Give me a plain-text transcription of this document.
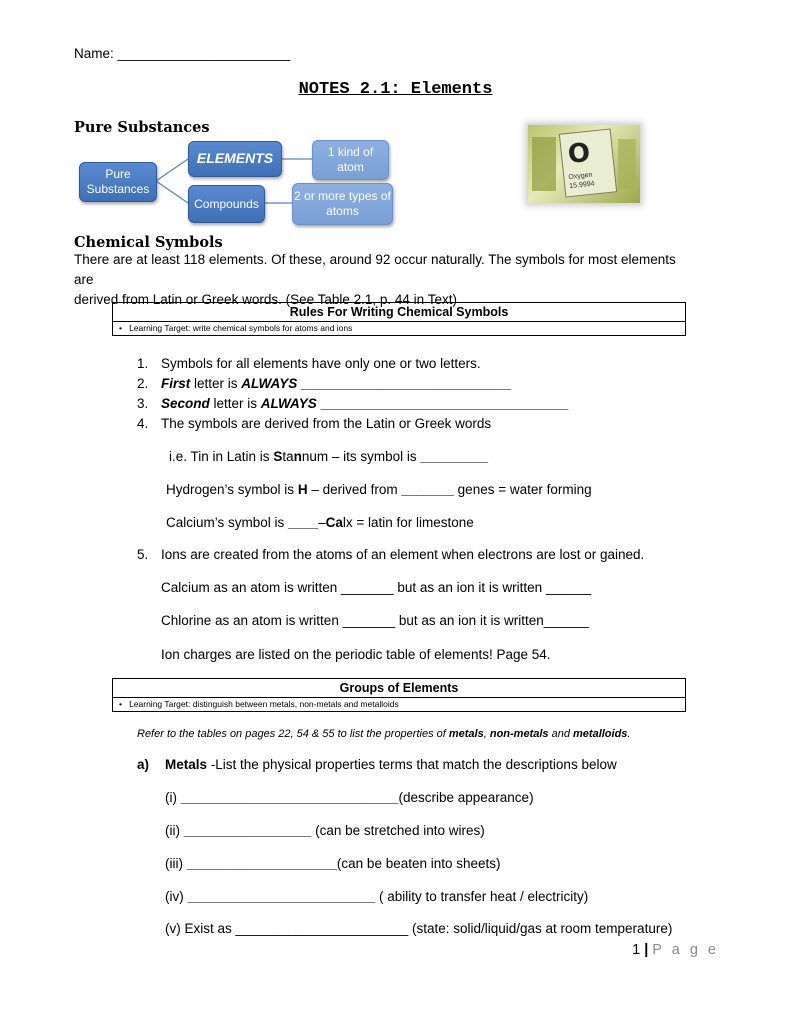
Name: _______________________
NOTES 2.1: Elements
Pure Substances
Pure Substances
ELEMENTS
Compounds
1 kind of atom
2 or more types of atoms
O
Oxygen
15.9994
Chemical Symbols
There are at least 118 elements. Of these, around 92 occur naturally. The symbols for most elements are
derived from Latin or Greek words. (See Table 2.1, p. 44 in Text)
Rules For Writing Chemical Symbols
•   Learning Target: write chemical symbols for atoms and ions
1. Symbols for all elements have only one or two letters.
2. First letter is ALWAYS ____________________________
3. Second letter is ALWAYS _________________________________
4. The symbols are derived from the Latin or Greek words
i.e. Tin in Latin is Stannum – its symbol is _________
Hydrogen’s symbol is H – derived from _______ genes = water forming
Calcium’s symbol is ____–Calx = latin for limestone
5. Ions are created from the atoms of an element when electrons are lost or gained.
Calcium as an atom is written _______ but as an ion it is written ______
Chlorine as an atom is written _______ but as an ion it is written______
Ion charges are listed on the periodic table of elements! Page 54.
Groups of Elements
•   Learning Target: distinguish between metals, non-metals and metalloids
Refer to the tables on pages 22, 54 & 55 to list the properties of metals, non-metals and metalloids.
a) Metals -List the physical properties terms that match the descriptions below
(i) _____________________________(describe appearance)
(ii) _________________ (can be stretched into wires)
(iii) ____________________(can be beaten into sheets)
(iv) _________________________ ( ability to transfer heat / electricity)
(v) Exist as _______________________ (state: solid/liquid/gas at room temperature)
1 | P a g e
